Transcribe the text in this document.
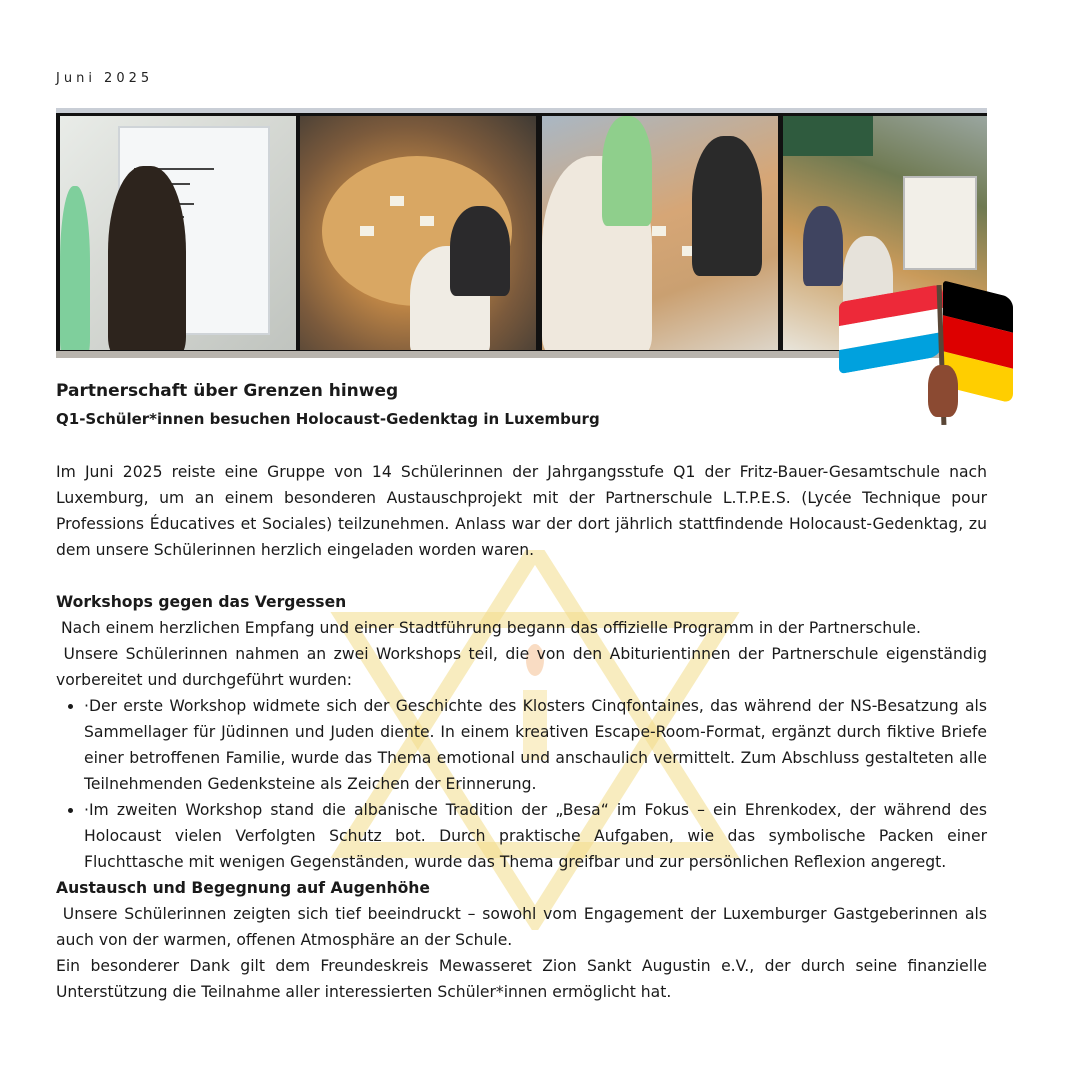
Juni 2025
Partnerschaft über Grenzen hinweg
Q1-Schüler*innen besuchen Holocaust-Gedenktag in Luxemburg

Im Juni 2025 reiste eine Gruppe von 14 Schülerinnen der Jahrgangsstufe Q1 der Fritz-Bauer-Gesamtschule nach Luxemburg, um an einem besonderen Austauschprojekt mit der Partnerschule L.T.P.E.S. (Lycée Technique pour Professions Éducatives et Sociales) teilzunehmen. Anlass war der dort jährlich stattfindende Holocaust-Gedenktag, zu dem unsere Schülerinnen herzlich eingeladen worden waren.

Workshops gegen das Vergessen

Nach einem herzlichen Empfang und einer Stadtführung begann das offizielle Programm in der Partnerschule.

Unsere Schülerinnen nahmen an zwei Workshops teil, die von den Abiturientinnen der Partnerschule eigenständig vorbereitet und durchgeführt wurden:

• ·Der erste Workshop widmete sich der Geschichte des Klosters Cinqfontaines, das während der NS-Besatzung als Sammellager für Jüdinnen und Juden diente. In einem kreativen Escape-Room-Format, ergänzt durch fiktive Briefe einer betroffenen Familie, wurde das Thema emotional und anschaulich vermittelt. Zum Abschluss gestalteten alle Teilnehmenden Gedenksteine als Zeichen der Erinnerung.
• ·Im zweiten Workshop stand die albanische Tradition der „Besa“ im Fokus – ein Ehrenkodex, der während des Holocaust vielen Verfolgten Schutz bot. Durch praktische Aufgaben, wie das symbolische Packen einer Fluchttasche mit wenigen Gegenständen, wurde das Thema greifbar und zur persönlichen Reflexion angeregt.
Austausch und Begegnung auf Augenhöhe

Unsere Schülerinnen zeigten sich tief beeindruckt – sowohl vom Engagement der Luxemburger Gastgeberinnen als auch von der warmen, offenen Atmosphäre an der Schule.

Ein besonderer Dank gilt dem Freundeskreis Mewasseret Zion Sankt Augustin e.V., der durch seine finanzielle Unterstützung die Teilnahme aller interessierten Schüler*innen ermöglicht hat.
